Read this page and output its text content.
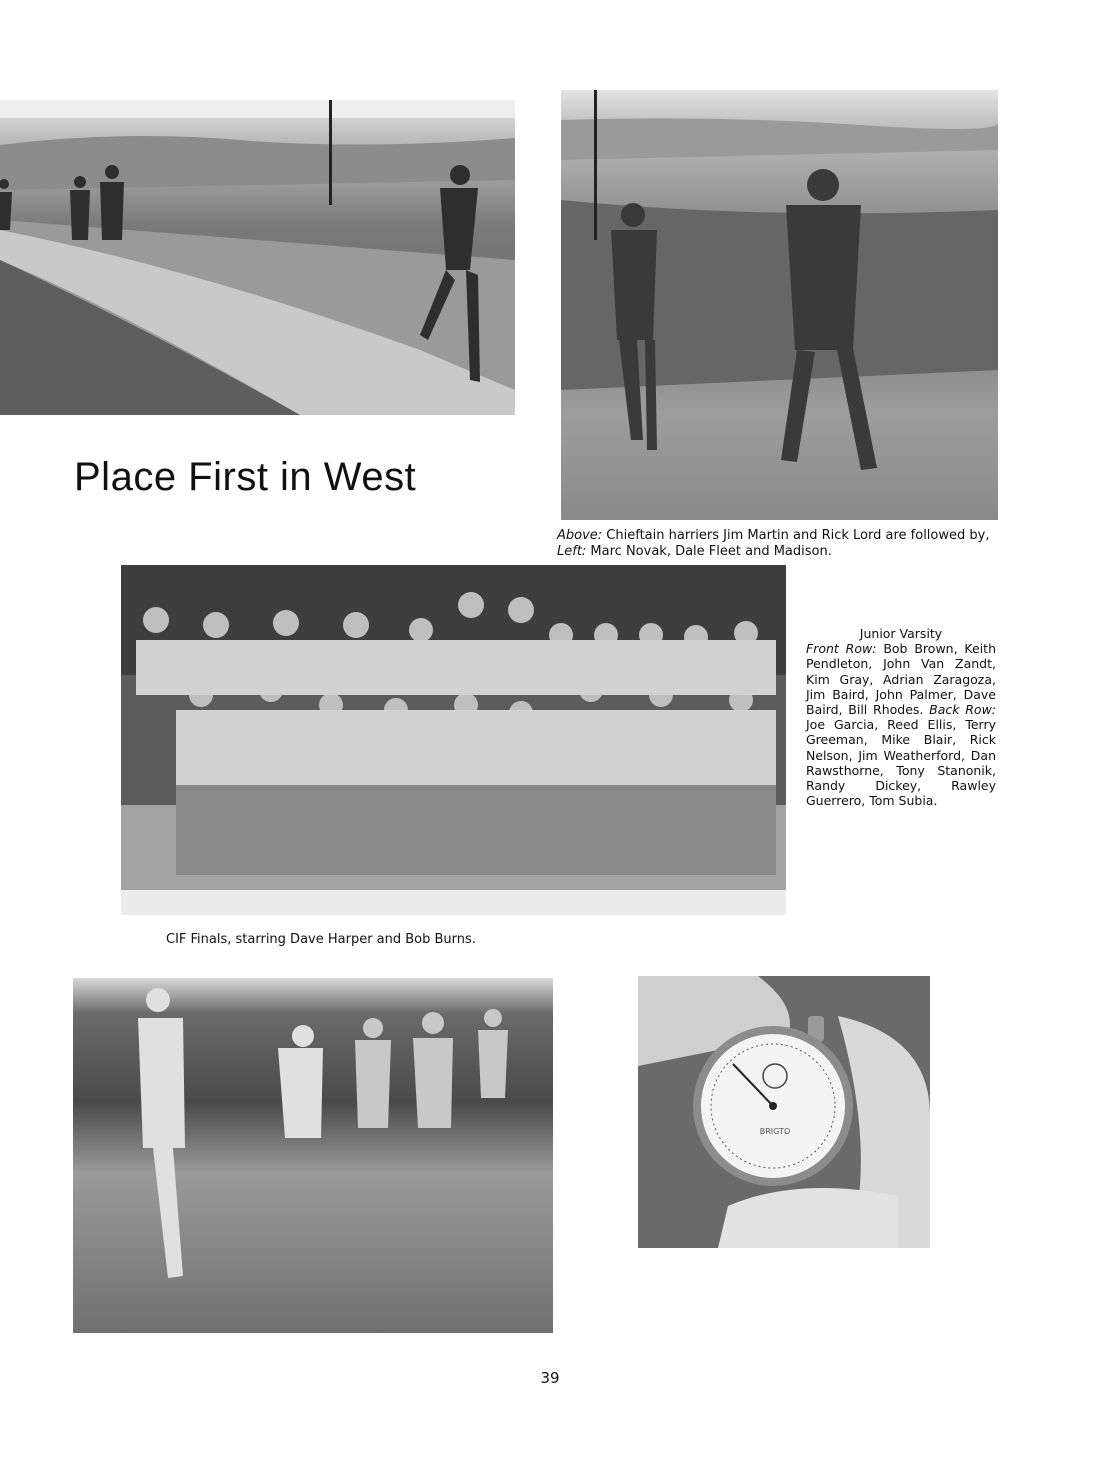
Place First in West

Above: Chieftain harriers Jim Martin and Rick Lord are followed by,
Left: Marc Novak, Dale Fleet and Madison.

Junior Varsity
Front Row: Bob Brown, Keith Pendleton, John Van Zandt, Kim Gray, Adrian Zaragoza, Jim Baird, John Palmer, Dave Baird, Bill Rhodes. Back Row: Joe Garcia, Reed Ellis, Terry Greeman, Mike Blair, Rick Nelson, Jim Weatherford, Dan Rawsthorne, Tony Stanonik, Randy Dickey, Rawley Guerrero, Tom Subia.

CIF Finals, starring Dave Harper and Bob Burns.

BRIGTO
39
